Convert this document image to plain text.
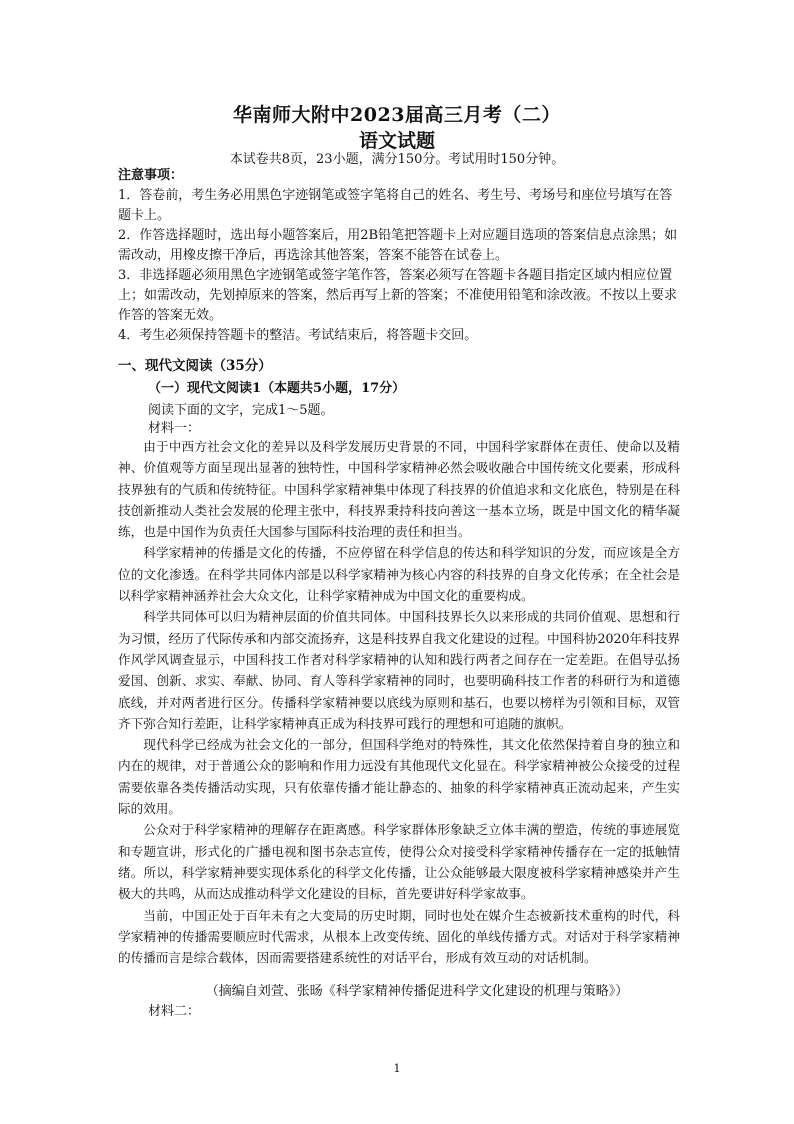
华南师大附中2023届高三月考（二）
语文试题
本试卷共8页，23小题，满分150分。考试用时150分钟。

注意事项：

1．答卷前，考生务必用黑色字迹钢笔或签字笔将自己的姓名、考生号、考场号和座位号填写在答题卡上。

2．作答选择题时，选出每小题答案后，用2B铅笔把答题卡上对应题目选项的答案信息点涂黑；如需改动，用橡皮擦干净后，再选涂其他答案，答案不能答在试卷上。

3．非选择题必须用黑色字迹钢笔或签字笔作答，答案必须写在答题卡各题目指定区域内相应位置上；如需改动，先划掉原来的答案，然后再写上新的答案；不准使用铅笔和涂改液。不按以上要求作答的答案无效。

4．考生必须保持答题卡的整洁。考试结束后，将答题卡交回。

一、现代文阅读（35分）
（一）现代文阅读1（本题共5小题，17分）
阅读下面的文字，完成1～5题。
材料一：

由于中西方社会文化的差异以及科学发展历史背景的不同，中国科学家群体在责任、使命以及精神、价值观等方面呈现出显著的独特性，中国科学家精神必然会吸收融合中国传统文化要素，形成科技界独有的气质和传统特征。中国科学家精神集中体现了科技界的价值追求和文化底色，特别是在科技创新推动人类社会发展的伦理主张中，科技界秉持科技向善这一基本立场，既是中国文化的精华凝练，也是中国作为负责任大国参与国际科技治理的责任和担当。

科学家精神的传播是文化的传播，不应停留在科学信息的传达和科学知识的分发，而应该是全方位的文化渗透。在科学共同体内部是以科学家精神为核心内容的科技界的自身文化传承；在全社会是以科学家精神涵养社会大众文化，让科学家精神成为中国文化的重要构成。

科学共同体可以归为精神层面的价值共同体。中国科技界长久以来形成的共同价值观、思想和行为习惯，经历了代际传承和内部交流扬弃，这是科技界自我文化建设的过程。中国科协2020年科技界作风学风调查显示，中国科技工作者对科学家精神的认知和践行两者之间存在一定差距。在倡导弘扬爱国、创新、求实、奉献、协同、育人等科学家精神的同时，也要明确科技工作者的科研行为和道德底线，并对两者进行区分。传播科学家精神要以底线为原则和基石，也要以榜样为引领和目标，双管齐下弥合知行差距，让科学家精神真正成为科技界可践行的理想和可追随的旗帜。

现代科学已经成为社会文化的一部分，但国科学绝对的特殊性，其文化依然保持着自身的独立和内在的规律，对于普通公众的影响和作用力远没有其他现代文化显在。科学家精神被公众接受的过程需要依靠各类传播活动实现，只有依靠传播才能让静态的、抽象的科学家精神真正流动起来，产生实际的效用。

公众对于科学家精神的理解存在距离感。科学家群体形象缺乏立体丰满的塑造，传统的事迹展览和专题宣讲，形式化的广播电视和图书杂志宣传，使得公众对接受科学家精神传播存在一定的抵触情绪。所以，科学家精神要实现体系化的科学文化传播，让公众能够最大限度被科学家精神感染并产生极大的共鸣，从而达成推动科学文化建设的目标，首先要讲好科学家故事。

当前，中国正处于百年未有之大变局的历史时期，同时也处在媒介生态被新技术重构的时代，科学家精神的传播需要顺应时代需求，从根本上改变传统、固化的单线传播方式。对话对于科学家精神的传播而言是综合载体，因而需要搭建系统性的对话平台，形成有效互动的对话机制。

（摘编自刘萱、张旸《科学家精神传播促进科学文化建设的机理与策略》）
材料二：
1
